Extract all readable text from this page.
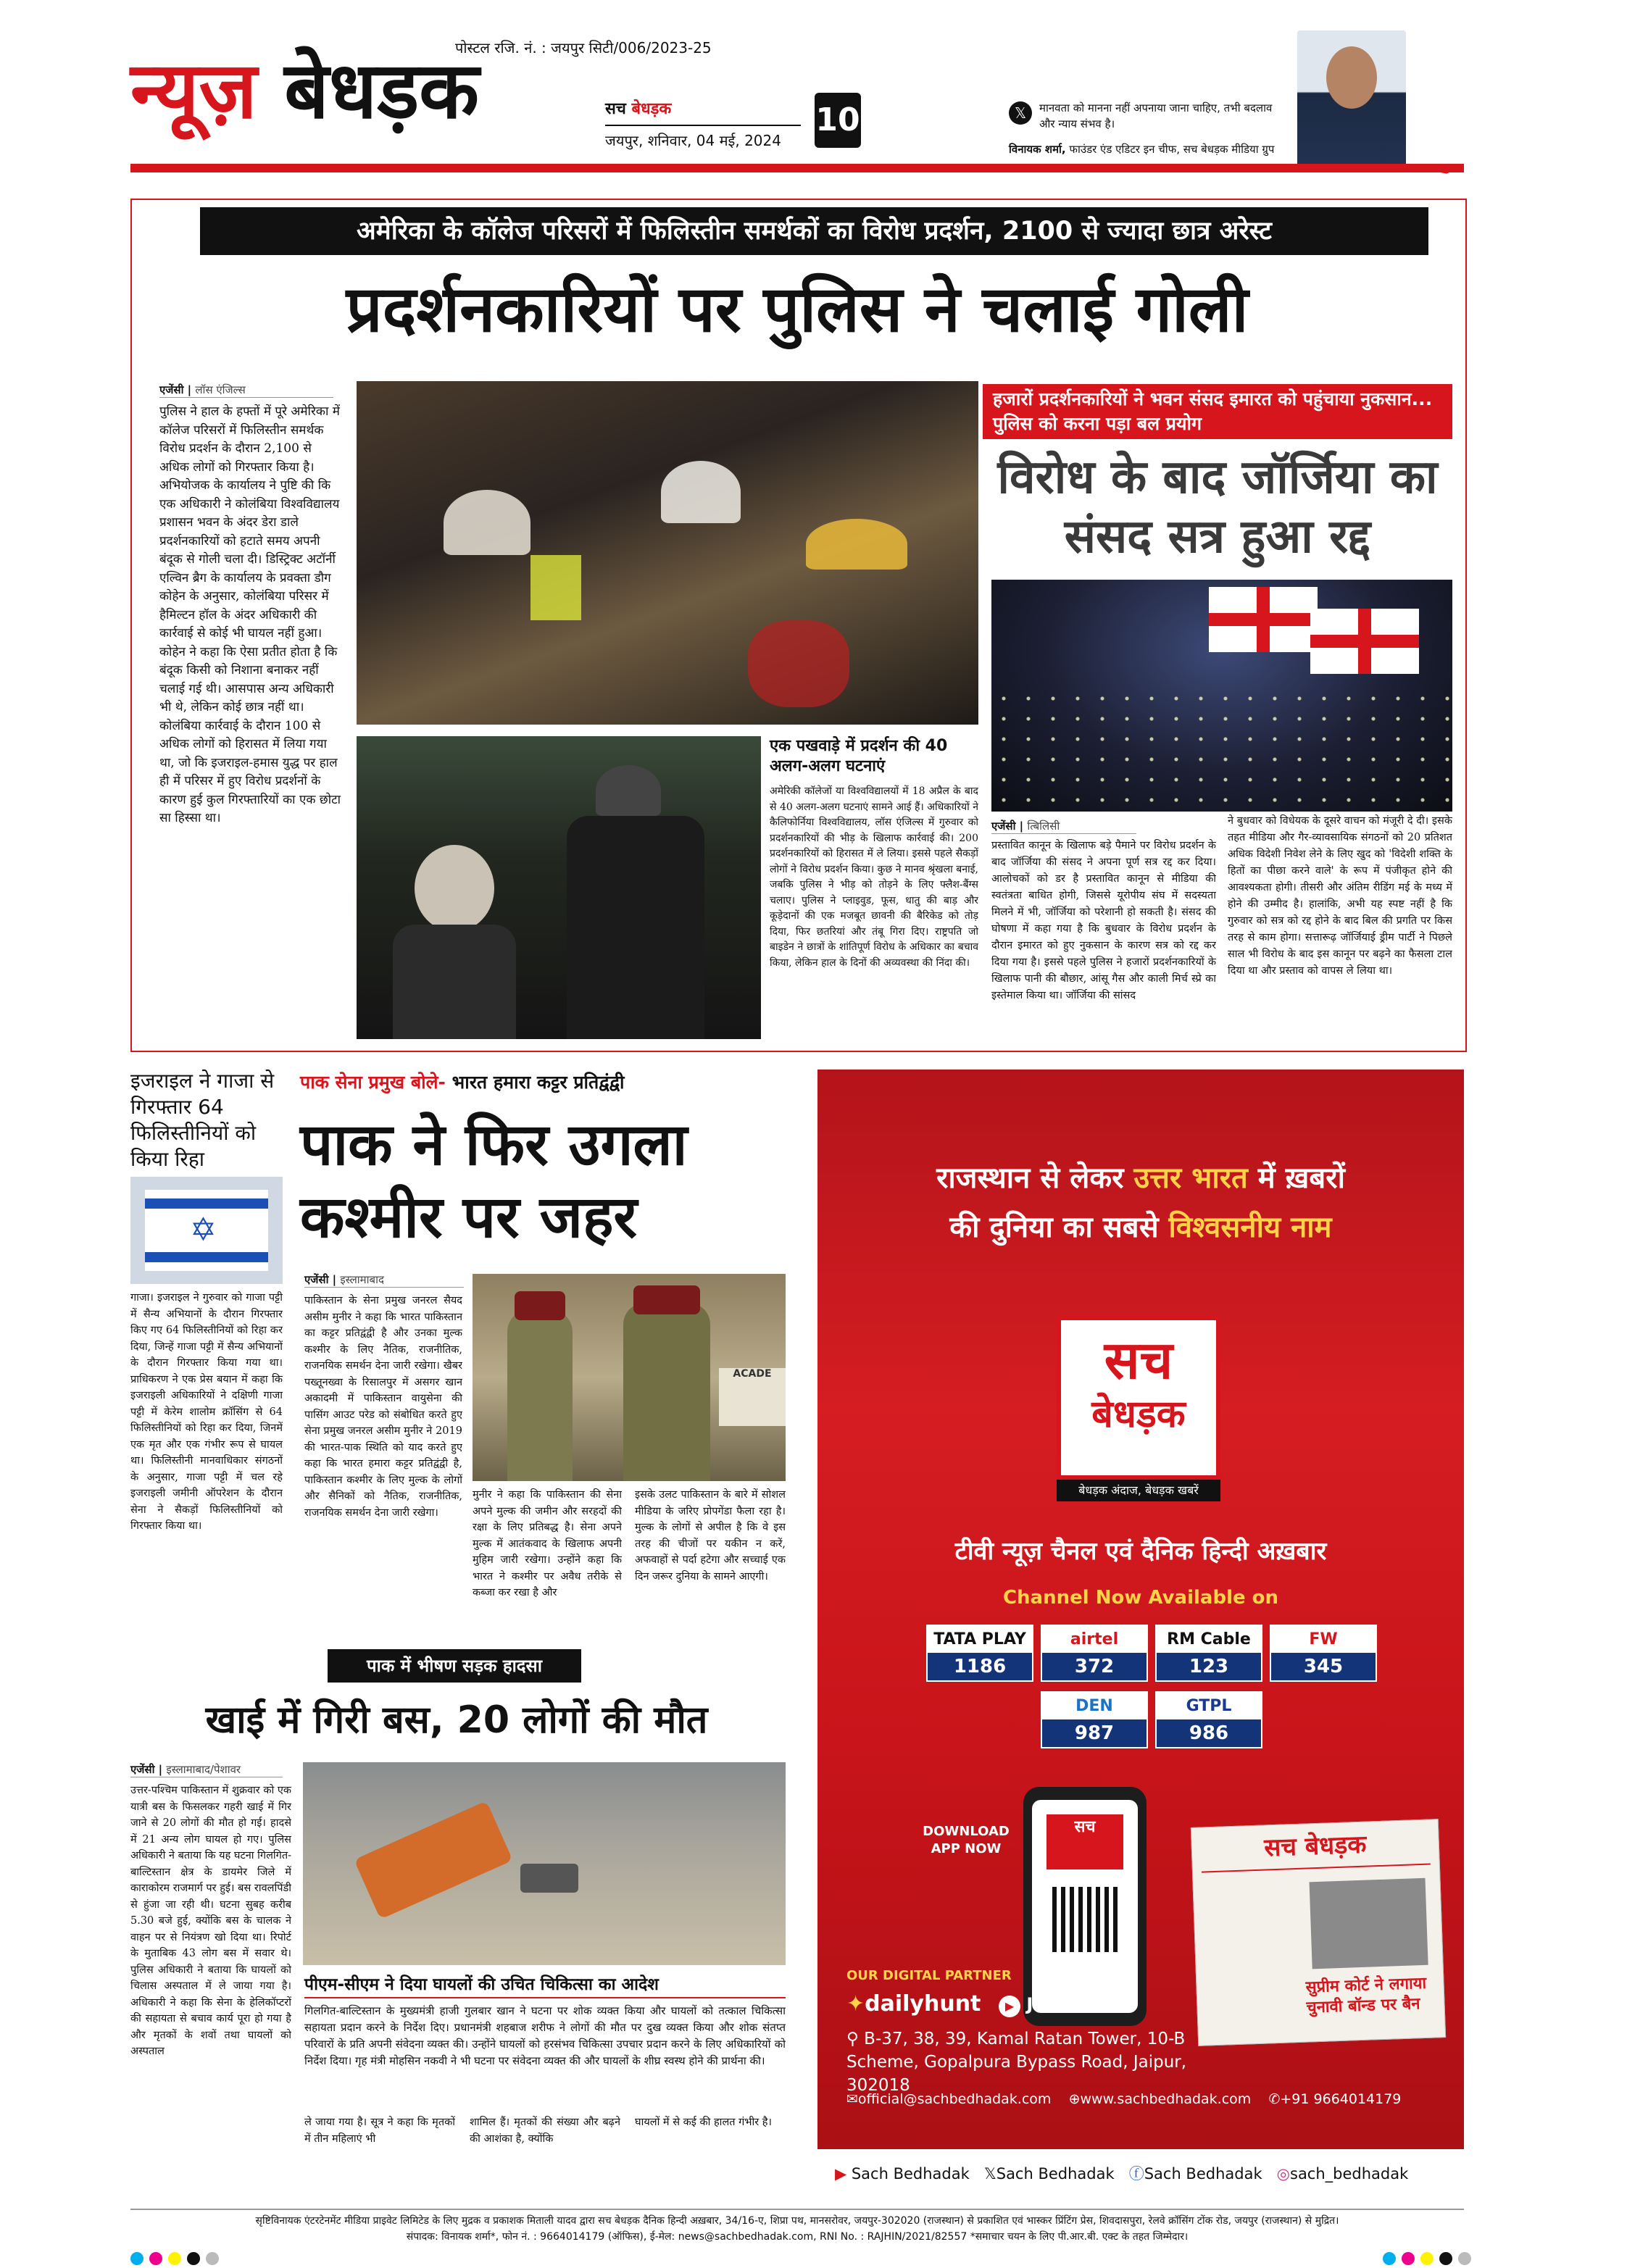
पोस्टल रजि. नं. : जयपुर सिटी/006/2023-25
न्यूज़ बेधड़क	सच बेधड़क
जयपुर, शनिवार, 04 मई, 2024
10	𝕏	मानवता को मानना नहीं अपनाया जाना चाहिए, तभी बदलाव और न्याय संभव है।
विनायक शर्मा, फाउंडर एंड एडिटर इन चीफ, सच बेधड़क मीडिया ग्रुप
✒
अमेरिका के कॉलेज परिसरों में फिलिस्तीन समर्थकों का विरोध प्रदर्शन, 2100 से ज्यादा छात्र अरेस्ट
प्रदर्शनकारियों पर पुलिस ने चलाई गोली
एजेंसी | लॉस एंजिल्स
पुलिस ने हाल के हफ्तों में पूरे अमेरिका में कॉलेज परिसरों में फिलिस्तीन समर्थक विरोध प्रदर्शन के दौरान 2,100 से अधिक लोगों को गिरफ्तार किया है। अभियोजक के कार्यालय ने पुष्टि की कि एक अधिकारी ने कोलंबिया विश्वविद्यालय प्रशासन भवन के अंदर डेरा डाले प्रदर्शनकारियों को हटाते समय अपनी बंदूक से गोली चला दी। डिस्ट्रिक्ट अटॉर्नी एल्विन ब्रैग के कार्यालय के प्रवक्ता डौग कोहेन के अनुसार, कोलंबिया परिसर में हैमिल्टन हॉल के अंदर अधिकारी की कार्रवाई से कोई भी घायल नहीं हुआ। कोहेन ने कहा कि ऐसा प्रतीत होता है कि बंदूक किसी को निशाना बनाकर नहीं चलाई गई थी। आसपास अन्य अधिकारी भी थे, लेकिन कोई छात्र नहीं था। कोलंबिया कार्रवाई के दौरान 100 से अधिक लोगों को हिरासत में लिया गया था, जो कि इजराइल-हमास युद्ध पर हाल ही में परिसर में हुए विरोध प्रदर्शनों के कारण हुई कुल गिरफ्तारियों का एक छोटा सा हिस्सा था।
एक पखवाड़े में प्रदर्शन की 40 अलग-अलग घटनाएं
अमेरिकी कॉलेजों या विश्वविद्यालयों में 18 अप्रैल के बाद से 40 अलग-अलग घटनाएं सामने आई हैं। अधिकारियों ने कैलिफोर्निया विश्वविद्यालय, लॉस एंजिल्स में गुरुवार को प्रदर्शनकारियों की भीड़ के खिलाफ कार्रवाई की। 200 प्रदर्शनकारियों को हिरासत में ले लिया। इससे पहले सैकड़ों लोगों ने विरोध प्रदर्शन किया। कुछ ने मानव श्रृंखला बनाई, जबकि पुलिस ने भीड़ को तोड़ने के लिए फ्लैश-बैंग्स चलाए। पुलिस ने प्लाइवुड, फूस, धातु की बाड़ और कूड़ेदानों की एक मजबूत छावनी की बैरिकेड को तोड़ दिया, फिर छतरियां और तंबू गिरा दिए। राष्ट्रपति जो बाइडेन ने छात्रों के शांतिपूर्ण विरोध के अधिकार का बचाव किया, लेकिन हाल के दिनों की अव्यवस्था की निंदा की।
हजारों प्रदर्शनकारियों ने भवन संसद इमारत को पहुंचाया नुकसान... पुलिस को करना पड़ा बल प्रयोग
विरोध के बाद जॉर्जिया का संसद सत्र हुआ रद्द
एजेंसी | त्बिलिसी
प्रस्तावित कानून के खिलाफ बड़े पैमाने पर विरोध प्रदर्शन के बाद जॉर्जिया की संसद ने अपना पूर्ण सत्र रद्द कर दिया। आलोचकों को डर है प्रस्तावित कानून से मीडिया की स्वतंत्रता बाधित होगी, जिससे यूरोपीय संघ में सदस्यता मिलने में भी, जॉर्जिया को परेशानी हो सकती है। संसद की घोषणा में कहा गया है कि बुधवार के विरोध प्रदर्शन के दौरान इमारत को हुए नुकसान के कारण सत्र को रद्द कर दिया गया है। इससे पहले पुलिस ने हजारों प्रदर्शनकारियों के खिलाफ पानी की बौछार, आंसू गैस और काली मिर्च स्प्रे का इस्तेमाल किया था। जॉर्जिया की सांसद
ने बुधवार को विधेयक के दूसरे वाचन को मंजूरी दे दी। इसके तहत मीडिया और गैर-व्यावसायिक संगठनों को 20 प्रतिशत अधिक विदेशी निवेश लेने के लिए खुद को 'विदेशी शक्ति के हितों का पीछा करने वाले' के रूप में पंजीकृत होने की आवश्यकता होगी। तीसरी और अंतिम रीडिंग मई के मध्य में होने की उम्मीद है। हालांकि, अभी यह स्पष्ट नहीं है कि गुरुवार को सत्र को रद्द होने के बाद बिल की प्रगति पर किस तरह से काम होगा। सत्तारूढ़ जॉर्जियाई ड्रीम पार्टी ने पिछले साल भी विरोध के बाद इस कानून पर बढ़ने का फैसला टाल दिया था और प्रस्ताव को वापस ले लिया था।
इजराइल ने गाजा से गिरफ्तार 64 फिलिस्तीनियों को किया रिहा
✡
गाजा। इजराइल ने गुरुवार को गाजा पट्टी में सैन्य अभियानों के दौरान गिरफ्तार किए गए 64 फिलिस्तीनियों को रिहा कर दिया, जिन्हें गाजा पट्टी में सैन्य अभियानों के दौरान गिरफ्तार किया गया था। प्राधिकरण ने एक प्रेस बयान में कहा कि इजराइली अधिकारियों ने दक्षिणी गाजा पट्टी में केरेम शालोम क्रॉसिंग से 64 फिलिस्तीनियों को रिहा कर दिया, जिनमें एक मृत और एक गंभीर रूप से घायल था। फिलिस्तीनी मानवाधिकार संगठनों के अनुसार, गाजा पट्टी में चल रहे इजराइली जमीनी ऑपरेशन के दौरान सेना ने सैकड़ों फिलिस्तीनियों को गिरफ्तार किया था।
पाक सेना प्रमुख बोले- भारत हमारा कट्टर प्रतिद्वंद्वी
पाक ने फिर उगला कश्मीर पर जहर
एजेंसी | इस्लामाबाद
पाकिस्तान के सेना प्रमुख जनरल सैयद असीम मुनीर ने कहा कि भारत पाकिस्तान का कट्टर प्रतिद्वंद्वी है और उनका मुल्क कश्मीर के लिए नैतिक, राजनीतिक, राजनयिक समर्थन देना जारी रखेगा। खैबर पख्तूनख्वा के रिसालपुर में असगर खान अकादमी में पाकिस्तान वायुसेना की पासिंग आउट परेड को संबोधित करते हुए सेना प्रमुख जनरल असीम मुनीर ने 2019 की भारत-पाक स्थिति को याद करते हुए कहा कि भारत हमारा कट्टर प्रतिद्वंद्वी है, पाकिस्तान कश्मीर के लिए मुल्क के लोगों और सैनिकों को नैतिक, राजनीतिक, राजनयिक समर्थन देना जारी रखेगा।
ACADE
मुनीर ने कहा कि पाकिस्तान की सेना अपने मुल्क की जमीन और सरहदों की रक्षा के लिए प्रतिबद्ध है। सेना अपने मुल्क में आतंकवाद के खिलाफ अपनी मुहिम जारी रखेगा। उन्होंने कहा कि भारत ने कश्मीर पर अवैध तरीके से कब्जा कर रखा है और
इसके उलट पाकिस्तान के बारे में सोशल मीडिया के जरिए प्रोपगेंडा फैला रहा है। मुल्क के लोगों से अपील है कि वे इस तरह की चीजों पर यकीन न करें, अफवाहों से पर्दा हटेगा और सच्चाई एक दिन जरूर दुनिया के सामने आएगी।
पाक में भीषण सड़क हादसा
खाई में गिरी बस, 20 लोगों की मौत
एजेंसी | इस्लामाबाद/पेशावर
उत्तर-पश्चिम पाकिस्तान में शुक्रवार को एक यात्री बस के फिसलकर गहरी खाई में गिर जाने से 20 लोगों की मौत हो गई। हादसे में 21 अन्य लोग घायल हो गए। पुलिस अधिकारी ने बताया कि यह घटना गिलगित-बाल्टिस्तान क्षेत्र के डायमेर जिले में काराकोरम राजमार्ग पर हुई। बस रावलपिंडी से हुंजा जा रही थी। घटना सुबह करीब 5.30 बजे हुई, क्योंकि बस के चालक ने वाहन पर से नियंत्रण खो दिया था। रिपोर्ट के मुताबिक 43 लोग बस में सवार थे। पुलिस अधिकारी ने बताया कि घायलों को चिलास अस्पताल में ले जाया गया है। अधिकारी ने कहा कि सेना के हेलिकॉप्टरों की सहायता से बचाव कार्य पूरा हो गया है और मृतकों के शवों तथा घायलों को अस्पताल
पीएम-सीएम ने दिया घायलों की उचित चिकित्सा का आदेश
गिलगित-बाल्टिस्तान के मुख्यमंत्री हाजी गुलबार खान ने घटना पर शोक व्यक्त किया और घायलों को तत्काल चिकित्सा सहायता प्रदान करने के निर्देश दिए। प्रधानमंत्री शहबाज शरीफ ने लोगों की मौत पर दुख व्यक्त किया और शोक संतप्त परिवारों के प्रति अपनी संवेदना व्यक्त की। उन्होंने घायलों को हरसंभव चिकित्सा उपचार प्रदान करने के लिए अधिकारियों को निर्देश दिया। गृह मंत्री मोहसिन नकवी ने भी घटना पर संवेदना व्यक्त की और घायलों के शीघ्र स्वस्थ होने की प्रार्थना की।
ले जाया गया है। सूत्र ने कहा कि मृतकों में तीन महिलाएं भी
शामिल हैं। मृतकों की संख्या और बढ़ने की आशंका है, क्योंकि
घायलों में से कई की हालत गंभीर है।
राजस्थान से लेकर उत्तर भारत में ख़बरों
की दुनिया का सबसे विश्वसनीय नाम
सच
बेधड़क
बेधड़क अंदाज, बेधड़क खबरें
टीवी न्यूज़ चैनल एवं दैनिक हिन्दी अख़बार
Channel Now Available on
TATA PLAY
1186
airtel
372
RM Cable
123
FW
345
DEN
987
GTPL
986
DOWNLOAD APP NOW
सच
सच बेधड़क
सुप्रीम कोर्ट ने लगाया चुनावी बॉन्ड पर बैन
OUR DIGITAL PARTNER
✦dailyhunt	▶ JioNews
⚲ B-37, 38, 39, Kamal Ratan Tower, 10-B Scheme, Gopalpura Bypass Road, Jaipur, 302018
✉official@sachbedhadak.com ⊕www.sachbedhadak.com ✆+91 9664014179
▶ Sach Bedhadak 𝕏Sach Bedhadak ⓕSach Bedhadak ◎sach_bedhadak
सृष्टिविनायक एंटरटेनमेंट मीडिया प्राइवेट लिमिटेड के लिए मुद्रक व प्रकाशक मिताली यादव द्वारा सच बेधड़क दैनिक हिन्दी अख़बार, 34/16-ए, शिप्रा पथ, मानसरोवर, जयपुर-302020 (राजस्थान) से प्रकाशित एवं भास्कर प्रिंटिंग प्रेस, शिवदासपुरा, रेलवे क्रॉसिंग टोंक रोड, जयपुर (राजस्थान) से मुद्रित।
संपादक: विनायक शर्मा*, फोन नं. : 9664014179 (ऑफिस), ई-मेल: news@sachbedhadak.com, RNI No. : RAJHIN/2021/82557 *समाचार चयन के लिए पी.आर.बी. एक्ट के तहत जिम्मेदार।
